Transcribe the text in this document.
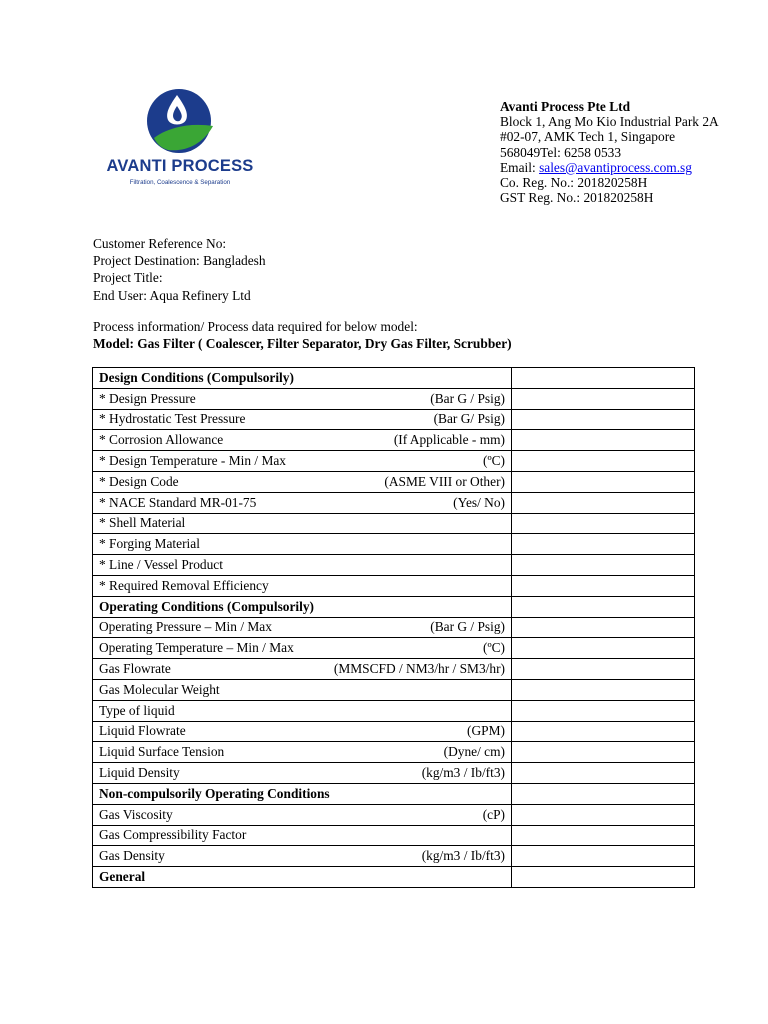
AVANTI PROCESS
Filtration, Coalescence & Separation
Avanti Process Pte Ltd
Block 1, Ang Mo Kio Industrial Park 2A
#02-07, AMK Tech 1, Singapore
568049Tel: 6258 0533
Email: sales@avantiprocess.com.sg
Co. Reg. No.: 201820258H
GST Reg. No.: 201820258H
Customer Reference No:
Project Destination: Bangladesh
Project Title:
End User: Aqua Refinery Ltd
Process information/ Process data required for below model:
Model: Gas Filter ( Coalescer, Filter Separator, Dry Gas Filter, Scrubber)
Design Conditions (Compulsorily)	

* Design Pressure (Bar G / Psig)	

* Hydrostatic Test Pressure (Bar G/ Psig)	

* Corrosion Allowance (If Applicable - mm)	

* Design Temperature - Min / Max (ºC)	

* Design Code (ASME VIII or Other)	

* NACE Standard MR-01-75 (Yes/ No)	

* Shell Material	

* Forging Material	

* Line / Vessel Product	

* Required Removal Efficiency	

Operating Conditions (Compulsorily)	

Operating Pressure – Min / Max (Bar G / Psig)	

Operating Temperature – Min / Max (ºC)	

Gas Flowrate (MMSCFD / NM3/hr / SM3/hr)	

Gas Molecular Weight	

Type of liquid	

Liquid Flowrate (GPM)	

Liquid Surface Tension (Dyne/ cm)	

Liquid Density (kg/m3 / Ib/ft3)	

Non-compulsorily Operating Conditions	

Gas Viscosity (cP)	

Gas Compressibility Factor	

Gas Density (kg/m3 / Ib/ft3)	

General	
